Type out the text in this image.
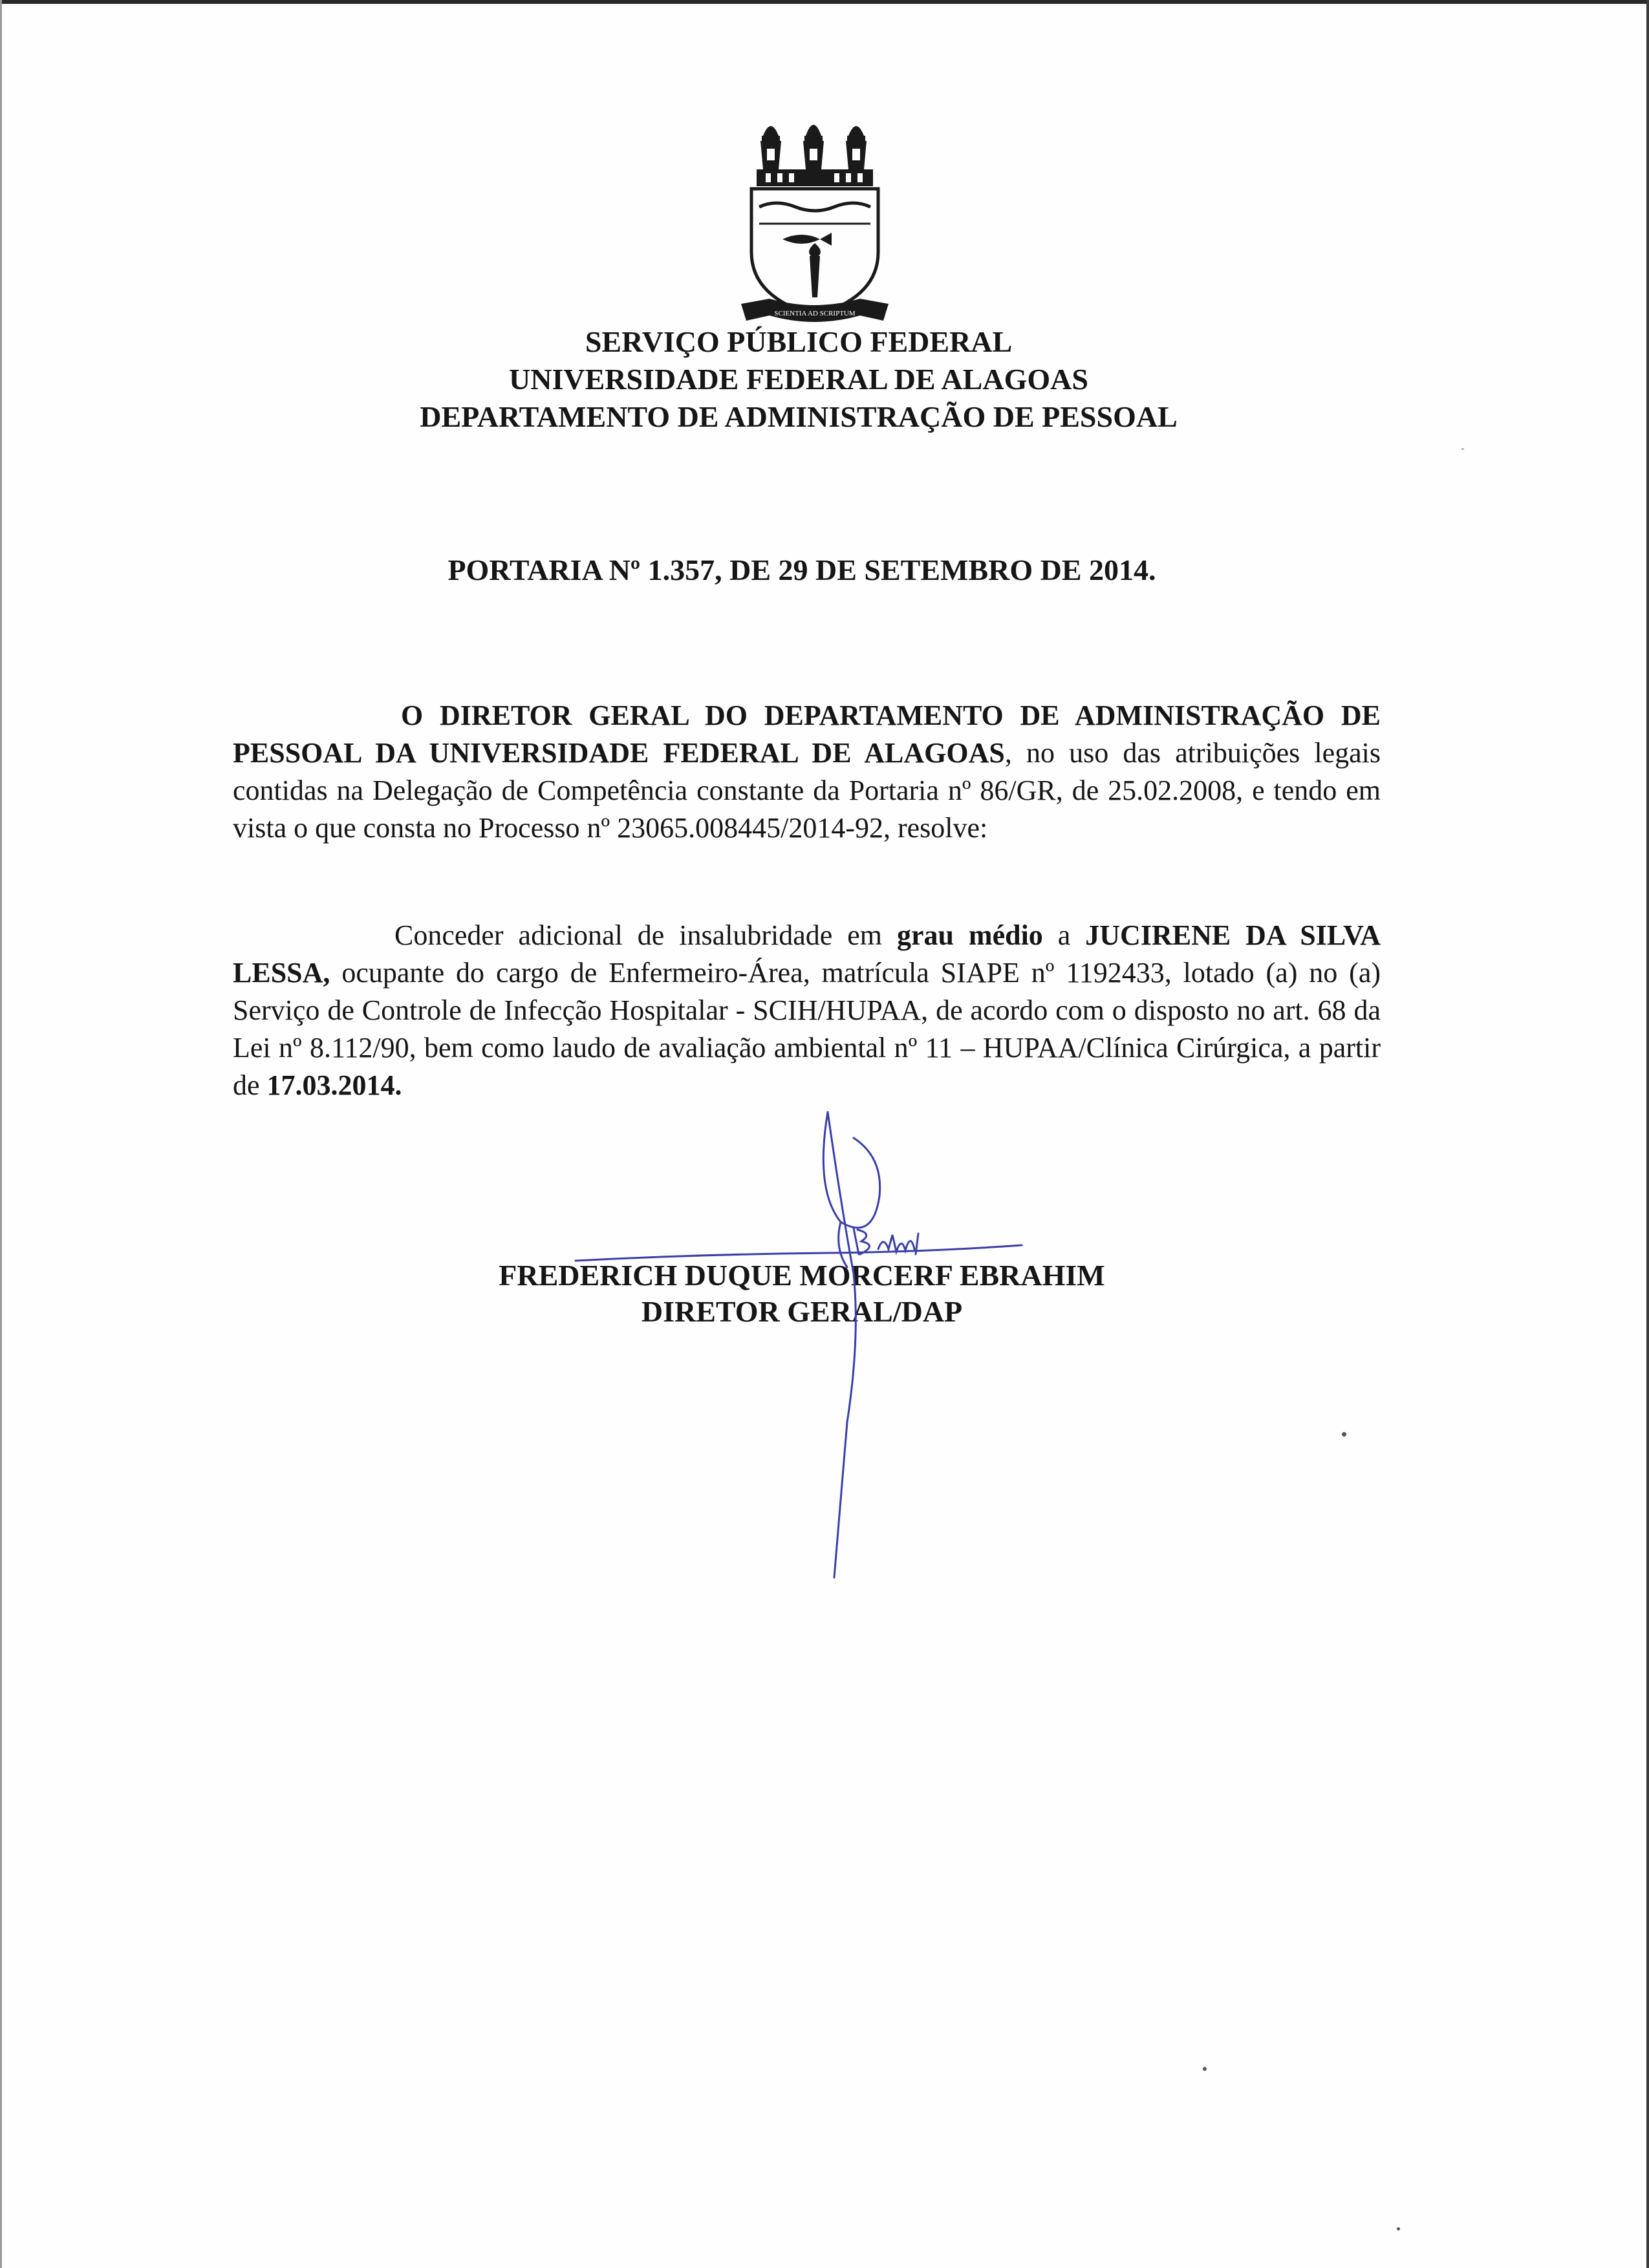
SCIENTIA AD SCRIPTUM
SERVIÇO PÚBLICO FEDERAL
UNIVERSIDADE FEDERAL DE ALAGOAS
DEPARTAMENTO DE ADMINISTRAÇÃO DE PESSOAL
PORTARIA Nº 1.357, DE 29 DE SETEMBRO DE 2014.
O DIRETOR GERAL DO DEPARTAMENTO DE ADMINISTRAÇÃO DE PESSOAL DA UNIVERSIDADE FEDERAL DE ALAGOAS, no uso das atribuições legais contidas na Delegação de Competência constante da Portaria nº 86/GR, de 25.02.2008, e tendo em vista o que consta no Processo nº 23065.008445/2014-92, resolve:
Conceder adicional de insalubridade em grau médio a JUCIRENE DA SILVA LESSA, ocupante do cargo de Enfermeiro-Área, matrícula SIAPE nº 1192433, lotado (a) no (a) Serviço de Controle de Infecção Hospitalar - SCIH/HUPAA, de acordo com o disposto no art. 68 da Lei nº 8.112/90, bem como laudo de avaliação ambiental nº 11 – HUPAA/Clínica Cirúrgica, a partir de 17.03.2014.
FREDERICH DUQUE MORCERF EBRAHIM
DIRETOR GERAL/DAP
